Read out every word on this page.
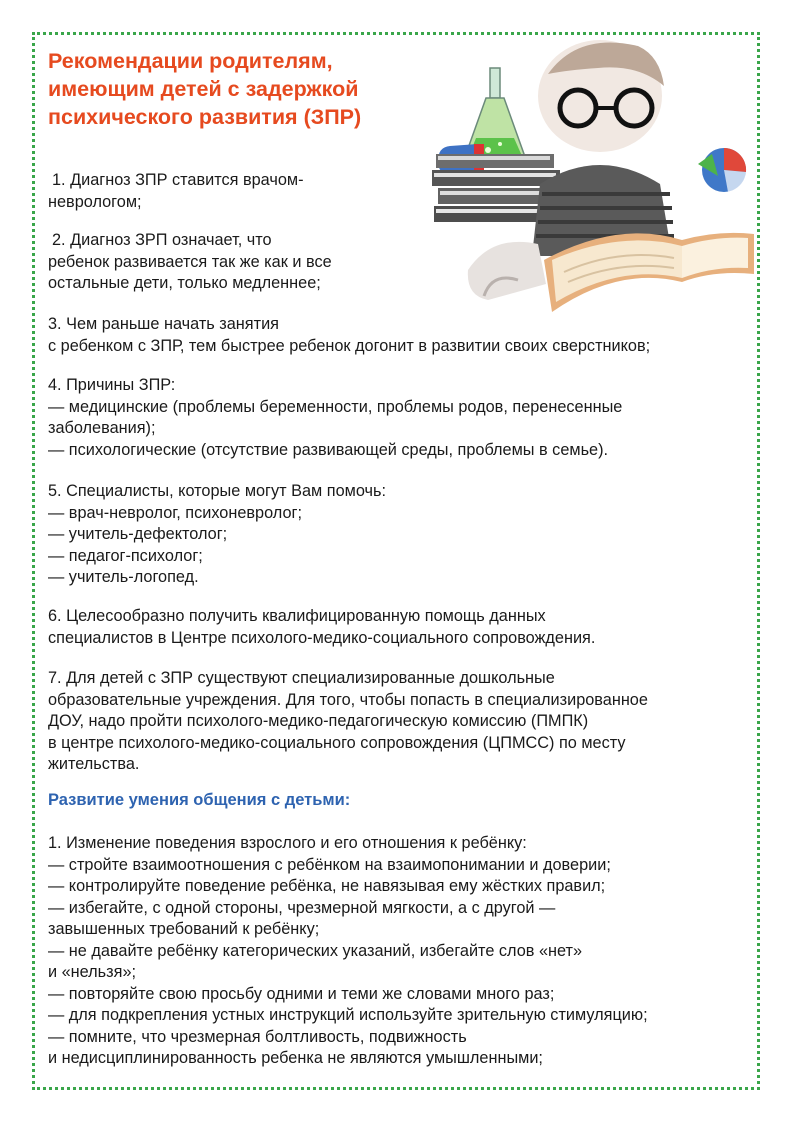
Рекомендации родителям,
имеющим детей с задержкой
психического развития (ЗПР)
1. Диагноз ЗПР ставится врачом-
неврологом;
2. Диагноз ЗРП означает, что
ребенок развивается так же как и все
остальные дети, только медленнее;
3. Чем раньше начать занятия
с ребенком с ЗПР, тем быстрее ребенок догонит в развитии своих сверстников;
4. Причины ЗПР:
— медицинские (проблемы беременности, проблемы родов, перенесенные
заболевания);
— психологические (отсутствие развивающей среды, проблемы в семье).
5. Специалисты, которые могут Вам помочь:
— врач-невролог, психоневролог;
— учитель-дефектолог;
— педагог-психолог;
— учитель-логопед.
6. Целесообразно получить квалифицированную помощь данных
специалистов в Центре психолого-медико-социального сопровождения.
7. Для детей с ЗПР существуют специализированные дошкольные
образовательные учреждения. Для того, чтобы попасть в специализированное
ДОУ, надо пройти психолого-медико-педагогическую комиссию (ПМПК)
в центре психолого-медико-социального сопровождения (ЦПМСС) по месту
жительства.
Развитие умения общения с детьми:
1. Изменение поведения взрослого и его отношения к ребёнку:
— стройте взаимоотношения с ребёнком на взаимопонимании и доверии;
— контролируйте поведение ребёнка, не навязывая ему жёстких правил;
— избегайте, с одной стороны, чрезмерной мягкости, а с другой —
завышенных требований к ребёнку;
— не давайте ребёнку категорических указаний, избегайте слов «нет»
и «нельзя»;
— повторяйте свою просьбу одними и теми же словами много раз;
— для подкрепления устных инструкций используйте зрительную стимуляцию;
— помните, что чрезмерная болтливость, подвижность
и недисциплинированность ребенка не являются умышленными;
